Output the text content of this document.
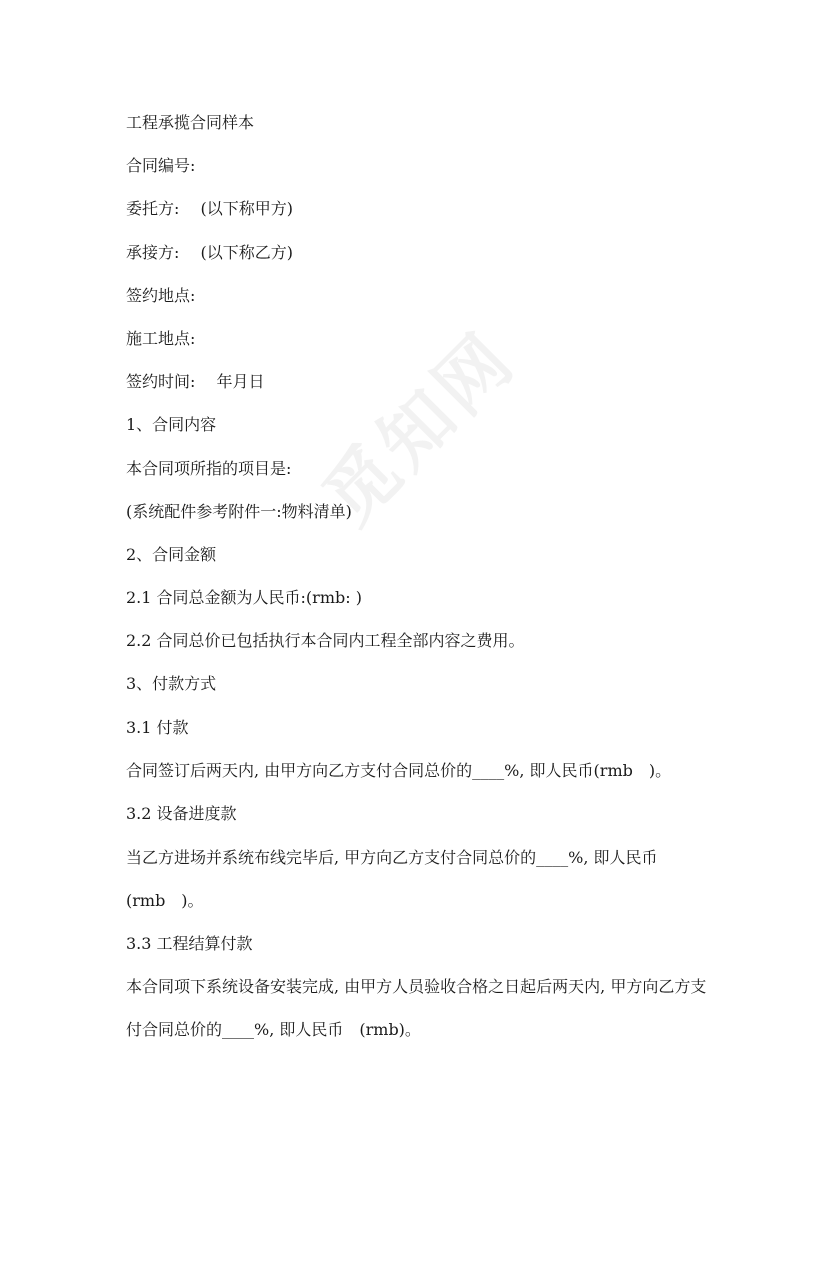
觅知网
工程承揽合同样本
合同编号:
委托方:　 (以下称甲方)
承接方:　 (以下称乙方)
签约地点:
施工地点:
签约时间:　 年月日
1、合同内容
本合同项所指的项目是:
(系统配件参考附件一:物料清单)
2、合同金额
2.1 合同总金额为人民币:(rmb: )
2.2 合同总价已包括执行本合同内工程全部内容之费用。
3、付款方式
3.1 付款
合同签订后两天内, 由甲方向乙方支付合同总价的____%, 即人民币(rmb　)。
3.2 设备进度款
当乙方进场并系统布线完毕后, 甲方向乙方支付合同总价的____%, 即人民币(rmb　)。
3.3 工程结算付款
本合同项下系统设备安装完成, 由甲方人员验收合格之日起后两天内, 甲方向乙方支付合同总价的____%, 即人民币　(rmb)。
